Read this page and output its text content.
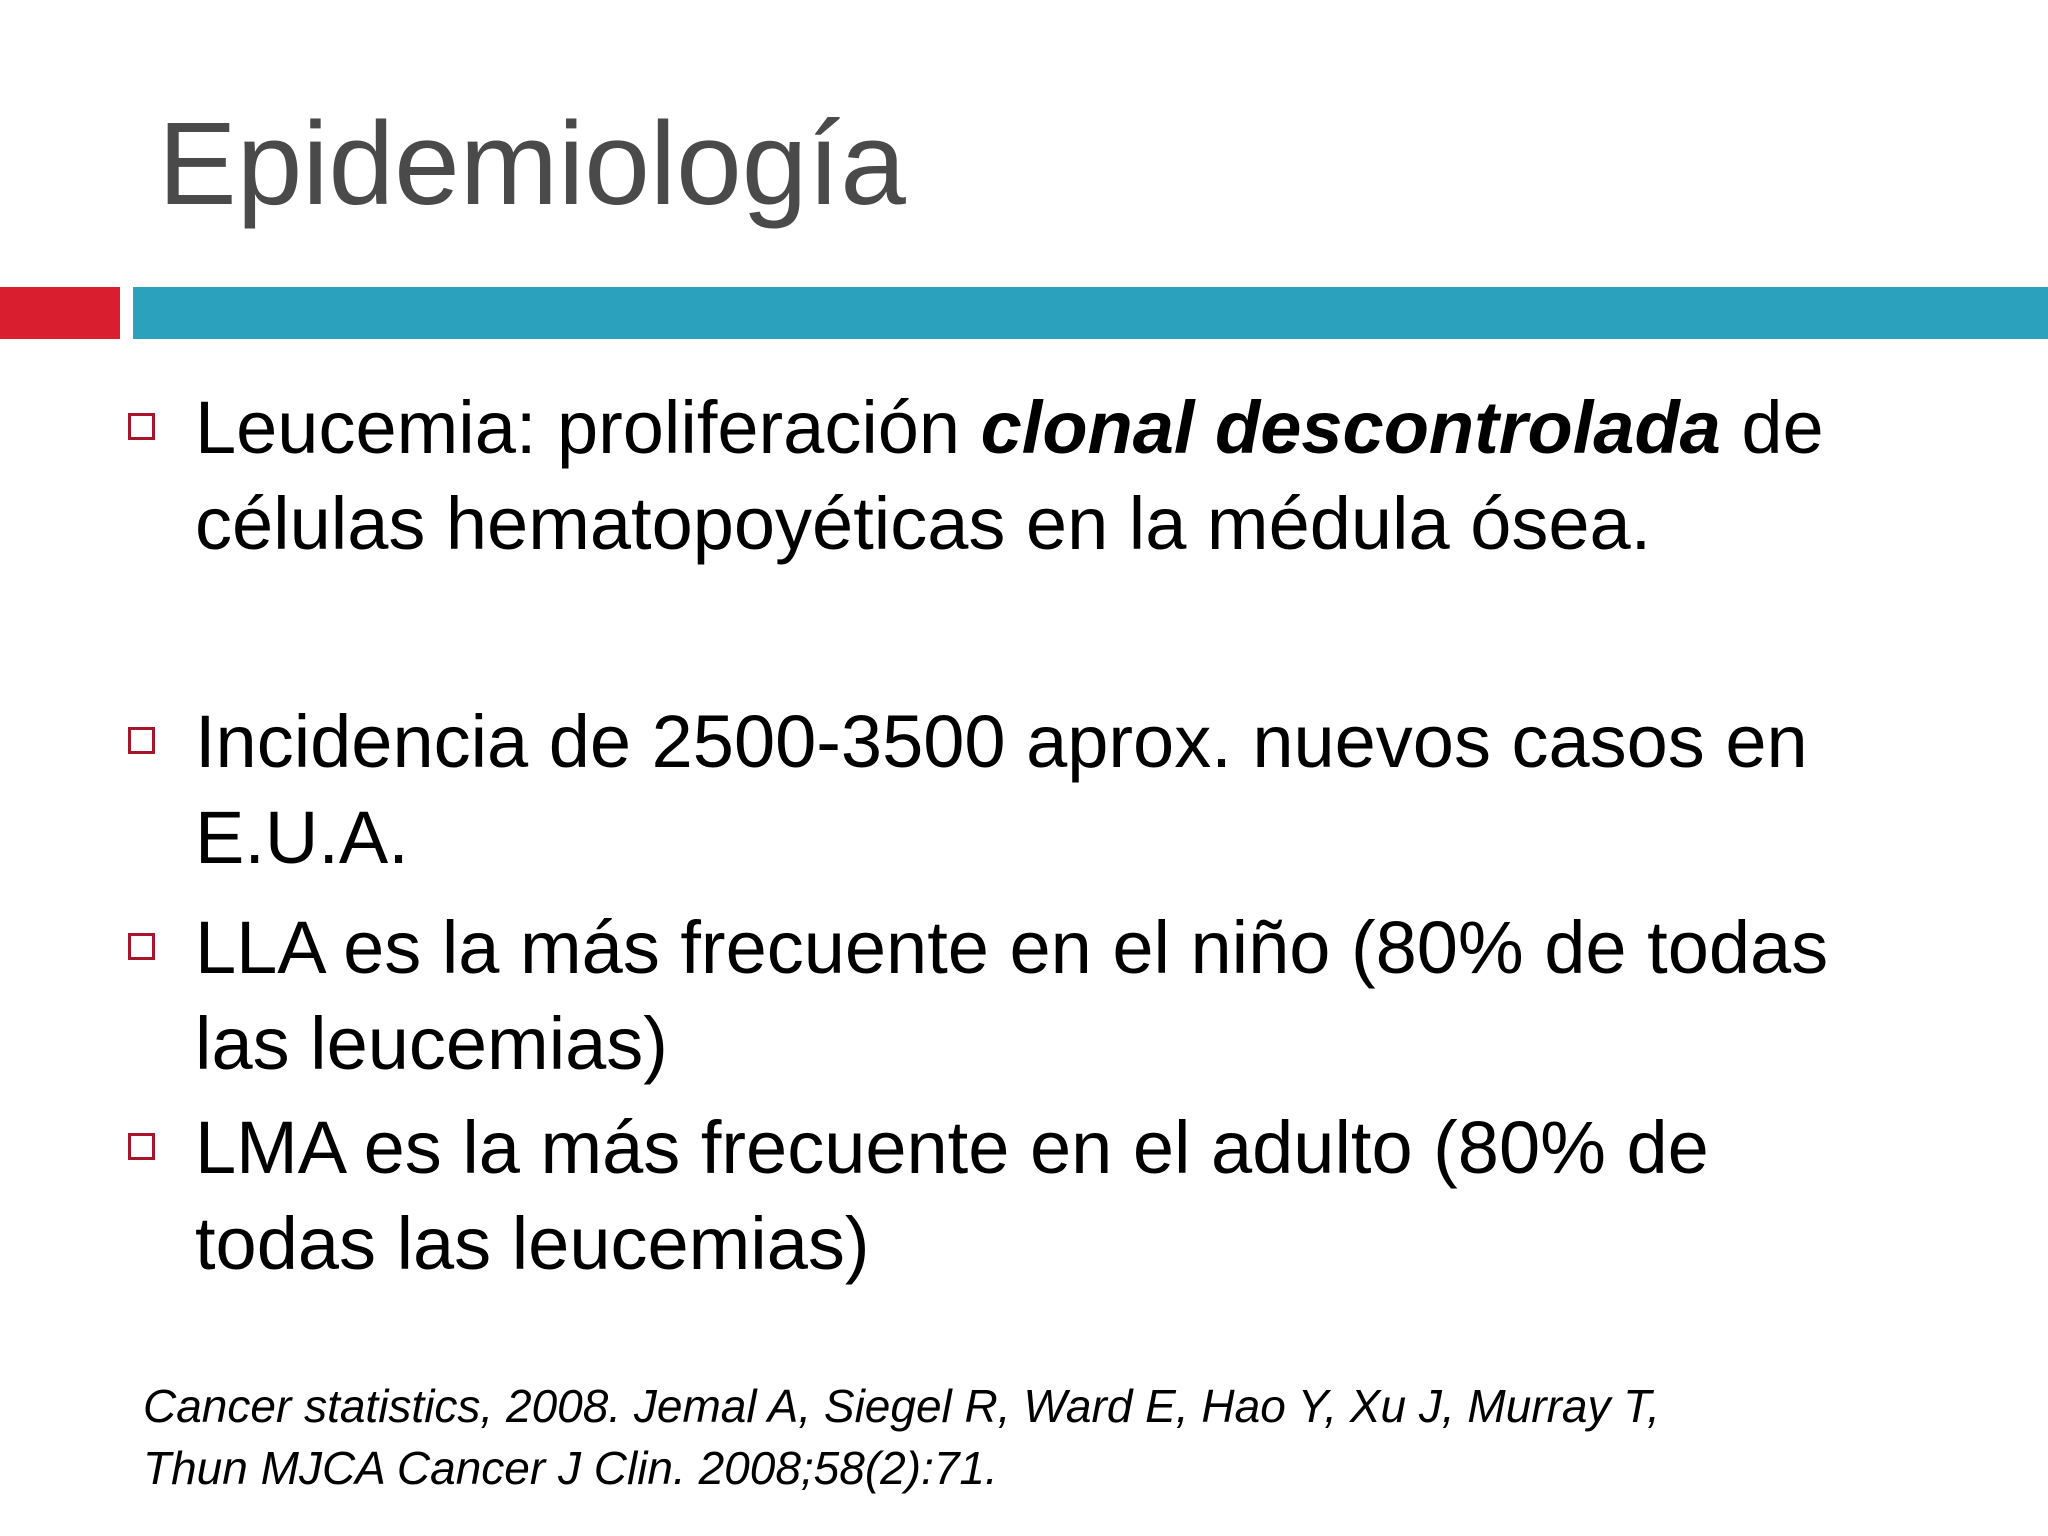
Epidemiología
Leucemia: proliferación clonal descontrolada de células hematopoyéticas en la médula ósea.
Incidencia de 2500-3500 aprox. nuevos casos en E.U.A.
LLA es la más frecuente en el niño (80% de todas las leucemias)
LMA es la más frecuente en el adulto (80% de todas las leucemias)
Cancer statistics, 2008. Jemal A, Siegel R, Ward E, Hao Y, Xu J, Murray T,
Thun MJCA Cancer J Clin. 2008;58(2):71.
